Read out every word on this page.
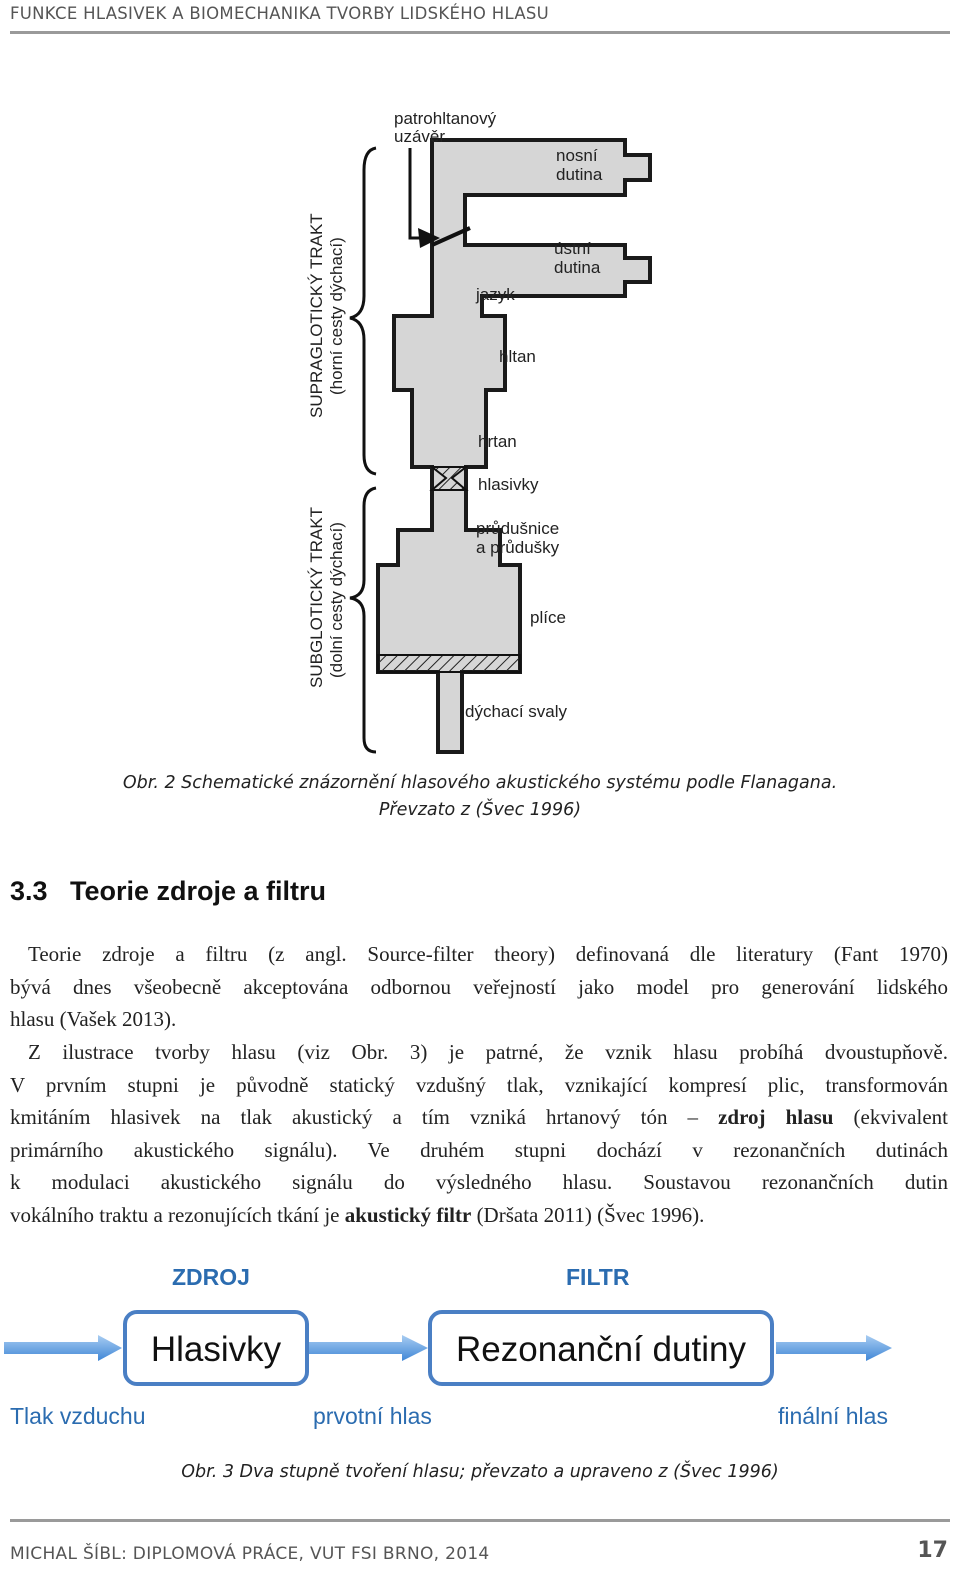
FUNKCE HLASIVEK A BIOMECHANIKA TVORBY LIDSKÉHO HLASU
patrohltanový
uzávěr
nosní
dutina
ústní
dutina
jazyk
hltan
hrtan
hlasivky
průdušnice
a průdušky
plíce
dýchací svaly
SUPRAGLOTICKÝ TRAKT (horní cesty dýchací)
SUBGLOTICKÝ TRAKT (dolní cesty dýchací)
Obr. 2 Schematické znázornění hlasového akustického systému podle Flanagana.
Převzato z (Švec 1996)
3.3 Teorie zdroje a filtru
Teorie zdroje a filtru (z angl. Source-filter theory) definovaná dle literatury (Fant 1970)
bývá dnes všeobecně akceptována odbornou veřejností jako model pro generování lidského
hlasu (Vašek 2013).
Z ilustrace tvorby hlasu (viz Obr. 3) je patrné, že vznik hlasu probíhá dvoustupňově.
V prvním stupni je původně statický vzdušný tlak, vznikající kompresí plic, transformován
kmitáním hlasivek na tlak akustický a tím vzniká hrtanový tón – zdroj hlasu (ekvivalent
primárního akustického signálu). Ve druhém stupni dochází v rezonančních dutinách
k modulaci akustického signálu do výsledného hlasu. Soustavou rezonančních dutin
vokálního traktu a rezonujících tkání je akustický filtr (Dršata 2011) (Švec 1996).
ZDROJ	FILTR
Hlasivky	Rezonanční dutiny
Tlak vzduchu	prvotní hlas	finální hlas
Obr. 3 Dva stupně tvoření hlasu; převzato a upraveno z (Švec 1996)
MICHAL ŠÍBL: DIPLOMOVÁ PRÁCE, VUT FSI BRNO, 2014	17
